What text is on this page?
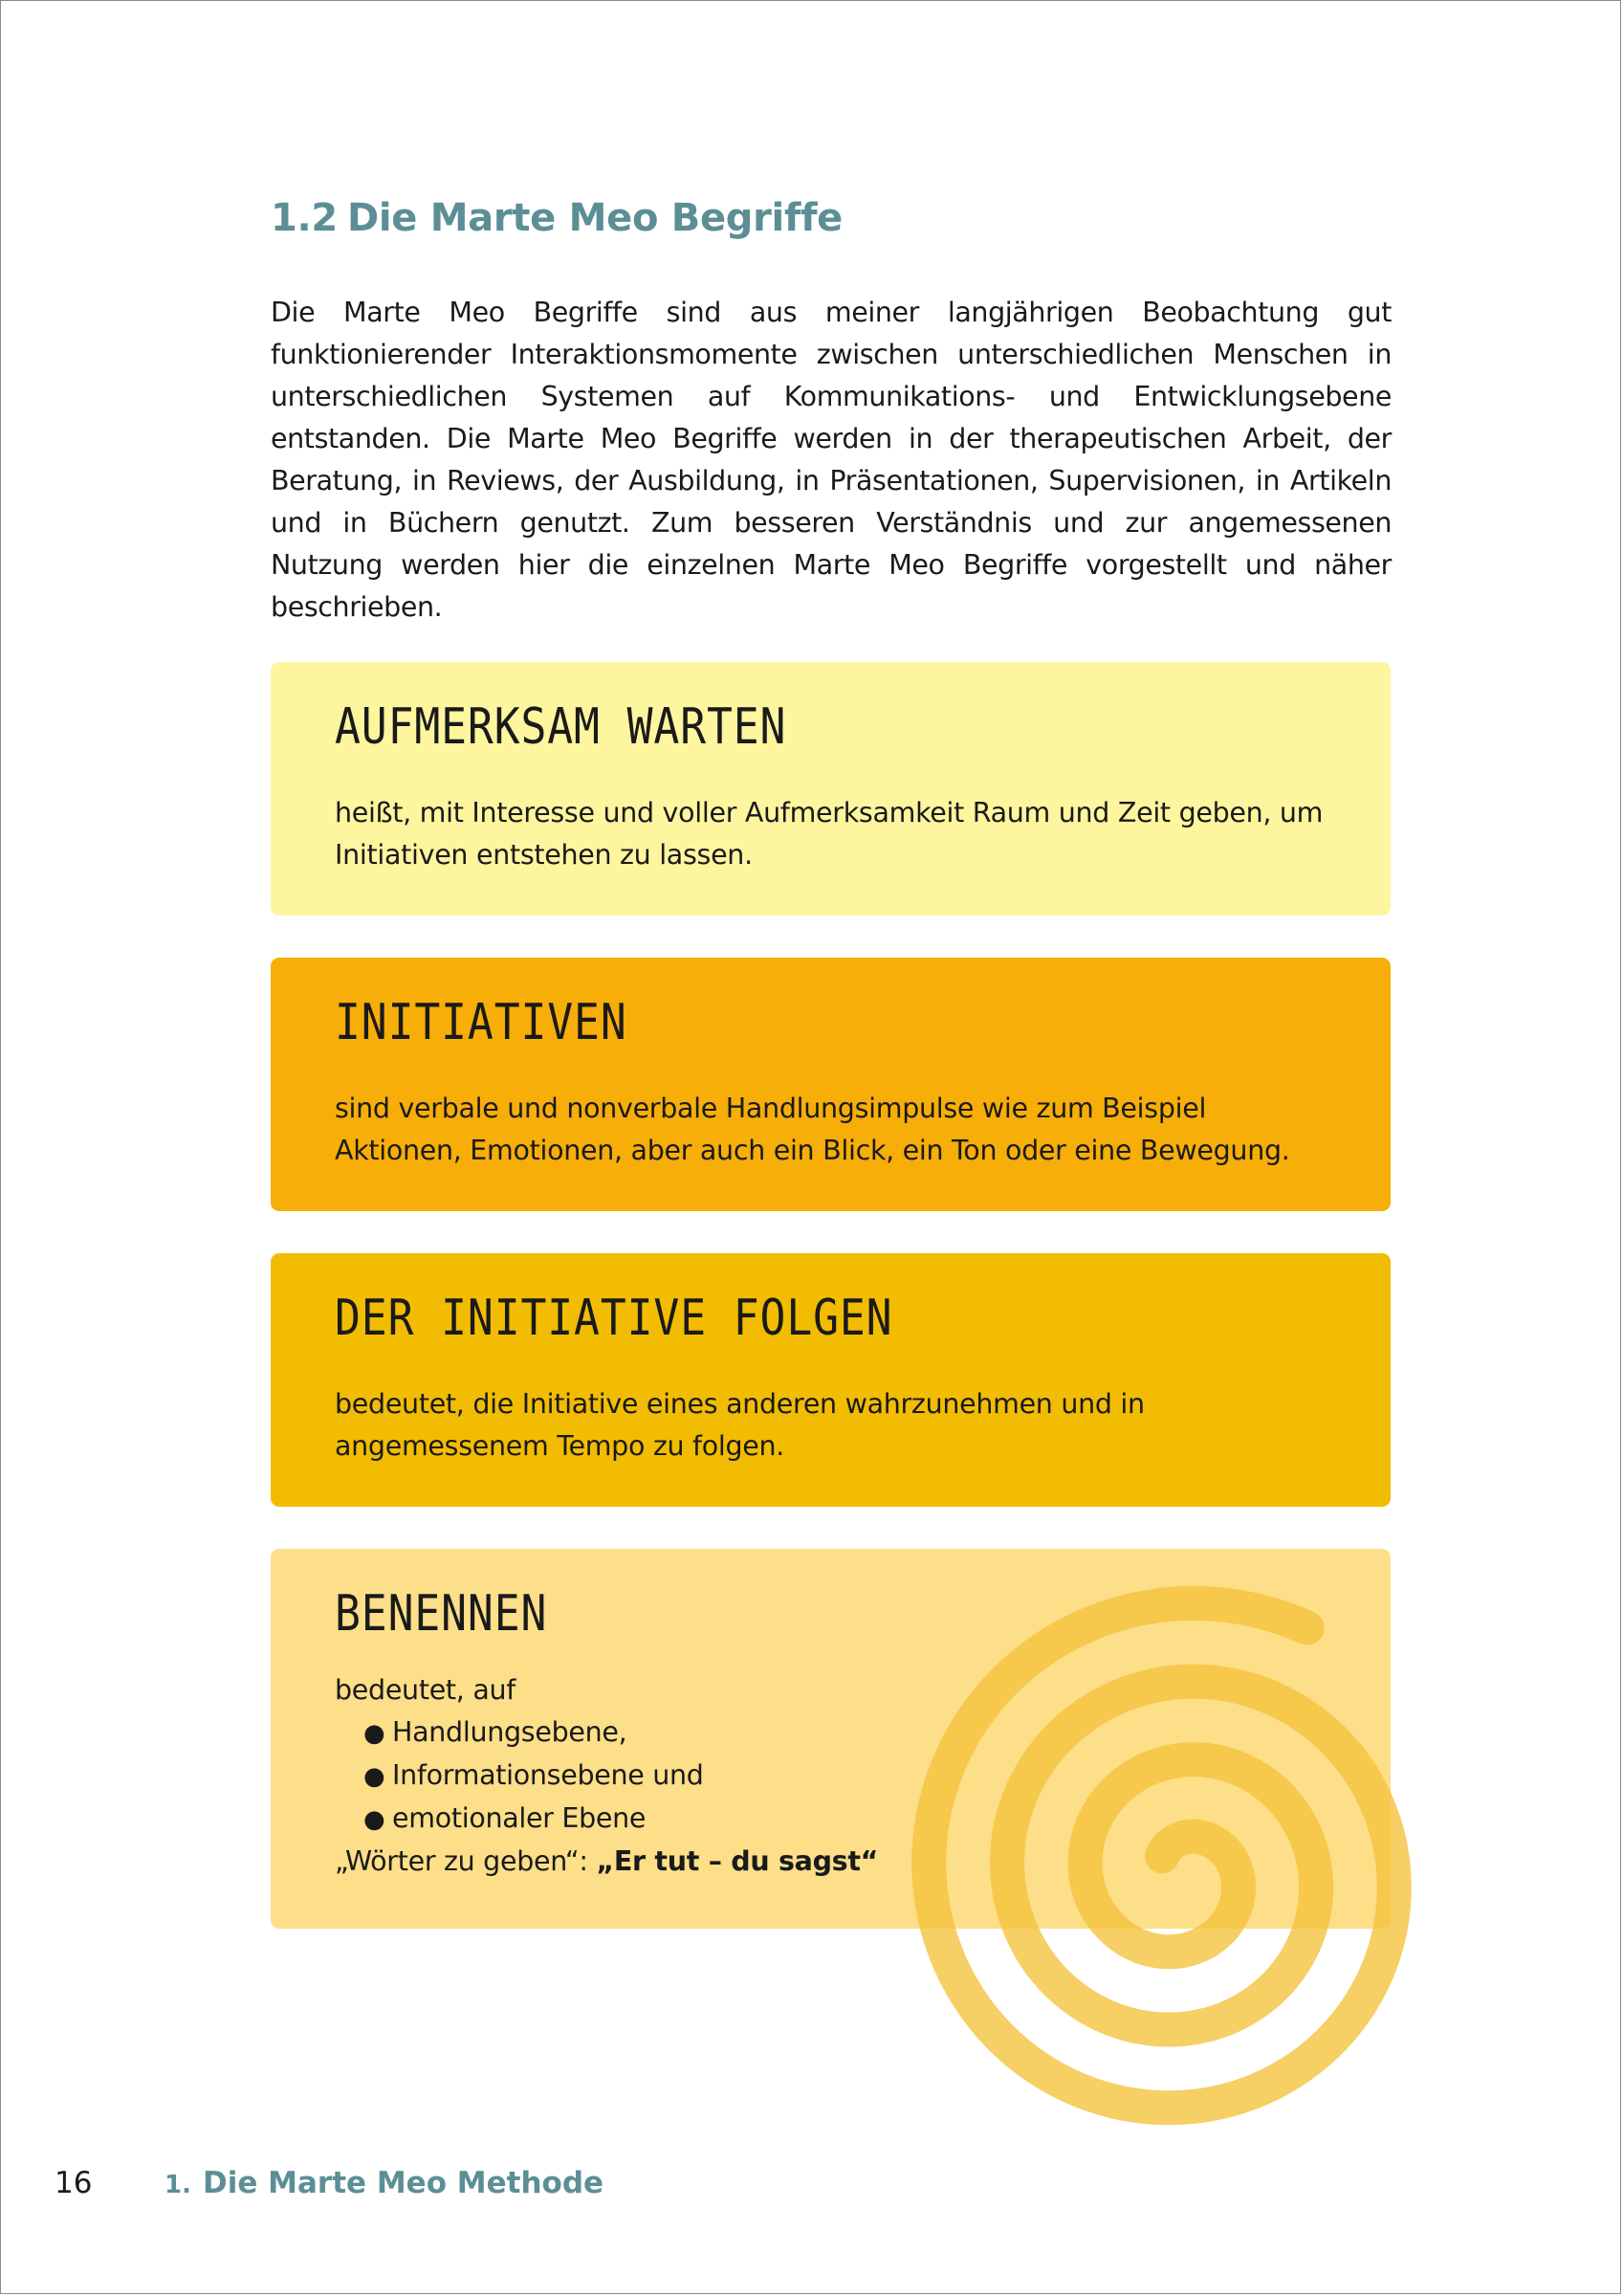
1.2 Die Marte Meo Begriffe

Die Marte Meo Begriffe sind aus meiner langjährigen Beobachtung gut funktionierender Interaktionsmomente zwischen unterschiedlichen Menschen in unterschiedlichen Systemen auf Kommunikations- und Entwicklungsebene entstanden. Die Marte Meo Begriffe werden in der therapeutischen Arbeit, der Beratung, in Reviews, der Ausbildung, in Präsentationen, Supervisionen, in Artikeln und in Büchern genutzt. Zum besseren Verständnis und zur angemessenen Nutzung werden hier die einzelnen Marte Meo Begriffe vorgestellt und näher beschrieben.

AUFMERKSAM WARTEN

heißt, mit Interesse und voller Aufmerksamkeit Raum und Zeit geben, um Initiativen entstehen zu lassen.

INITIATIVEN

sind verbale und nonverbale Handlungsimpulse wie zum Beispiel Aktionen, Emotionen, aber auch ein Blick, ein Ton oder eine Bewegung.

DER INITIATIVE FOLGEN

bedeutet, die Initiative eines anderen wahrzunehmen und in angemessenem Tempo zu folgen.

BENENNEN

bedeutet, auf

● Handlungsebene,
● Informationsebene und
● emotionaler Ebene

„Wörter zu geben“: „Er tut – du sagst“

16	1. Die Marte Meo Methode
